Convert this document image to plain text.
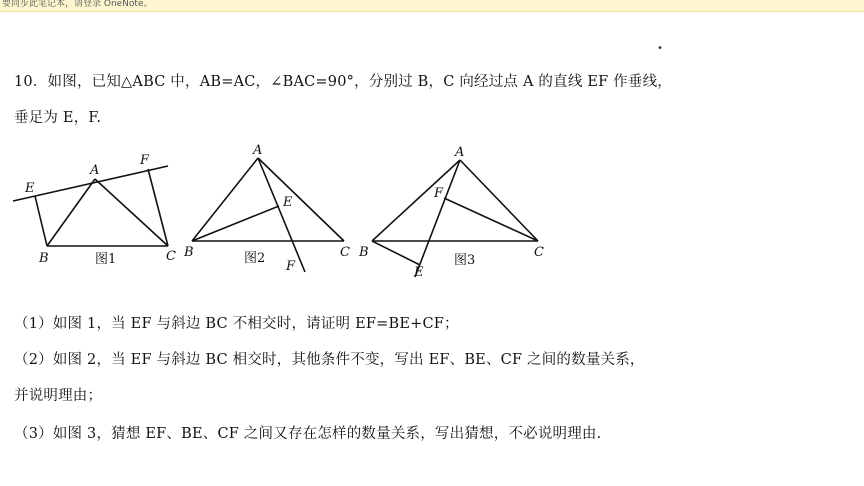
要同步此笔记本，请登录 OneNote。
•
10．如图，已知△ABC 中，AB=AC，∠BAC=90°，分别过 B，C 向经过点 A 的直线 EF 作垂线，
垂足为 E，F.
E
A
F
B	C
图1
A
E
B	C
F
图2
A
F
B	C
E
图3
（1）如图 1，当 EF 与斜边 BC 不相交时，请证明 EF=BE+CF；
（2）如图 2，当 EF 与斜边 BC 相交时，其他条件不变，写出 EF、BE、CF 之间的数量关系，
并说明理由；
（3）如图 3，猜想 EF、BE、CF 之间又存在怎样的数量关系，写出猜想，不必说明理由.
